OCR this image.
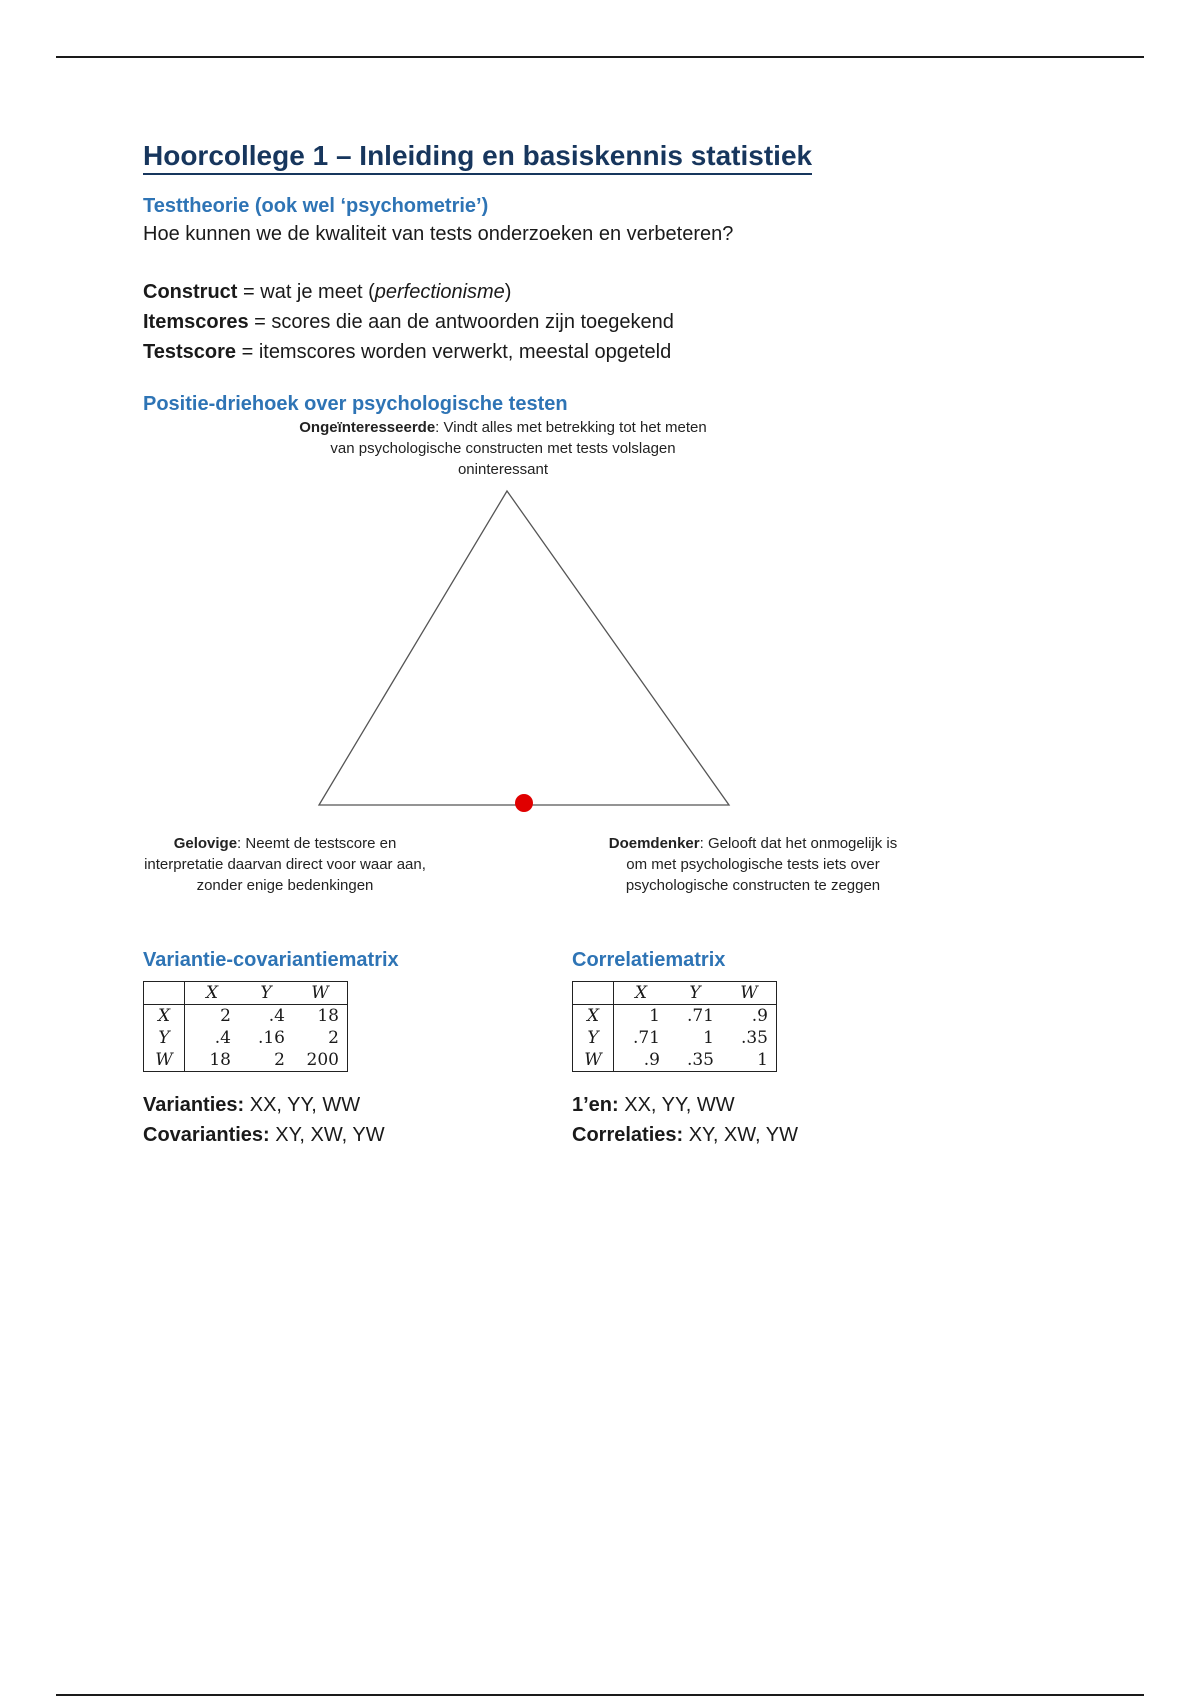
Hoorcollege 1 – Inleiding en basiskennis statistiek
Testtheorie (ook wel ‘psychometrie’)

Hoe kunnen we de kwaliteit van tests onderzoeken en verbeteren?

Construct = wat je meet (perfectionisme)

Itemscores = scores die aan de antwoorden zijn toegekend

Testscore = itemscores worden verwerkt, meestal opgeteld

Positie-driehoek over psychologische testen
Ongeïnteresseerde: Vindt alles met betrekking tot het meten van psychologische constructen met tests volslagen oninteressant
Gelovige: Neemt de testscore en interpretatie daarvan direct voor waar aan, zonder enige bedenkingen
Doemdenker: Gelooft dat het onmogelijk is om met psychologische tests iets over psychologische constructen te zeggen
Variantie-covariantiematrix
	X	Y	W
X	2	.4	18
Y	.4	.16	2
W	18	2	200

Varianties: XX, YY, WW

Covarianties: XY, XW, YW

Correlatiematrix
	X	Y	W
X	1	.71	.9
Y	.71	1	.35
W	.9	.35	1

1’en: XX, YY, WW

Correlaties: XY, XW, YW
